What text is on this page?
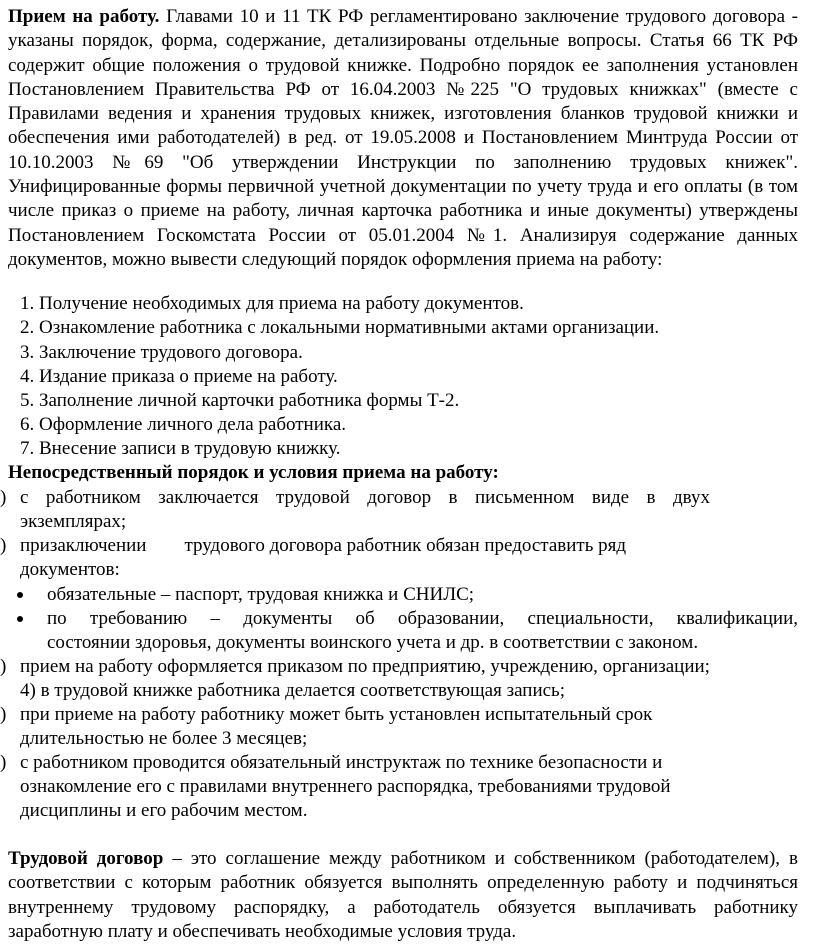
Прием на работу. Главами 10 и 11 ТК РФ регламентировано заключение трудового договора - указаны порядок, форма, содержание, детализированы отдельные вопросы. Статья 66 ТК РФ содержит общие положения о трудовой книжке. Подробно порядок ее заполнения установлен Постановлением Правительства РФ от 16.04.2003 №225 "О трудовых книжках" (вместе с Правилами ведения и хранения трудовых книжек, изготовления бланков трудовой книжки и обеспечения ими работодателей) в ред. от 19.05.2008 и Постановлением Минтруда России от 10.10.2003 №69 "Об утверждении Инструкции по заполнению трудовых книжек". Унифицированные формы первичной учетной документации по учету труда и его оплаты (в том числе приказ о приеме на работу, личная карточка работника и иные документы) утверждены Постановлением Госкомстата России от 05.01.2004 №1. Анализируя содержание данных документов, можно вывести следующий порядок оформления приема на работу:

1. Получение необходимых для приема на работу документов.
2. Ознакомление работника с локальными нормативными актами организации.
3. Заключение трудового договора.
4. Издание приказа о приеме на работу.
5. Заполнение личной карточки работника формы Т-2.
6. Оформление личного дела работника.
7. Внесение записи в трудовую книжку.
Непосредственный порядок и условия приема на работу:
) с работником заключается трудовой договор в письменном виде в двух
экземплярах;
) призаключении        трудового договора работник обязан предоставить ряд
документов:
обязательные – паспорт, трудовая книжка и СНИЛС;
по требованию – документы об образовании, специальности, квалификации,
состоянии здоровья, документы воинского учета и др. в соответствии с законом.
) прием на работу оформляется приказом по предприятию, учреждению, организации;
4) в трудовой книжке работника делается соответствующая запись;
) при приеме на работу работнику может быть установлен испытательный срок
длительностью не более 3 месяцев;
) с работником проводится обязательный инструктаж по технике безопасности и
ознакомление его с правилами внутреннего распорядка, требованиями трудовой
дисциплины и его рабочим местом.

Трудовой договор – это соглашение между работником и собственником (работодателем), в соответствии с которым работник обязуется выполнять определенную работу и подчиняться внутреннему трудовому распорядку, а работодатель обязуется выплачивать работнику заработную плату и обеспечивать необходимые условия труда.
